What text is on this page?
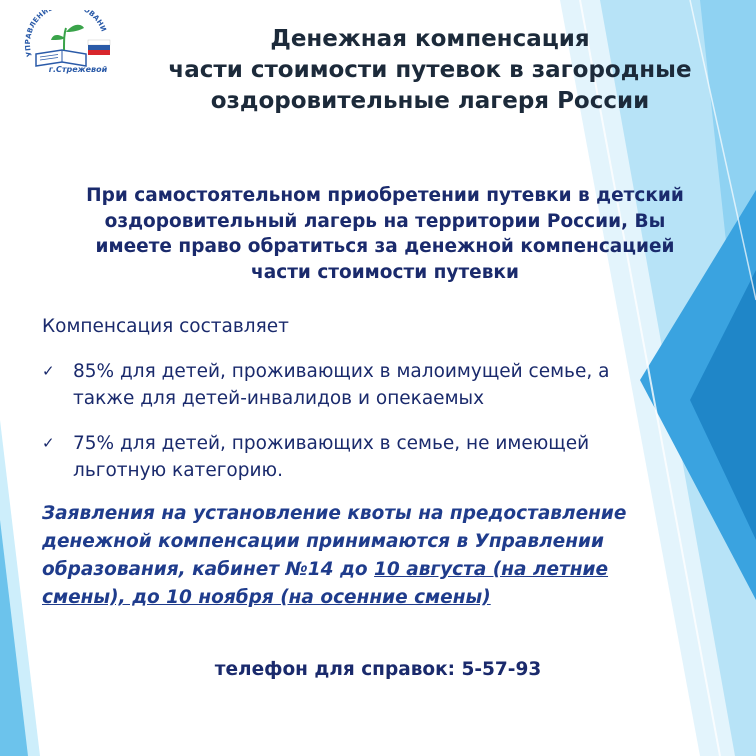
УПРАВЛЕНИ ОВАНИ
г.Стрежевой
Денежная компенсация
части стоимости путевок в загородные
оздоровительные лагеря России
При самостоятельном приобретении путевки в детский
оздоровительный лагерь на территории России, Вы
имеете право обратиться за денежной компенсацией
части стоимости путевки
Компенсация составляет
✓ 85% для детей, проживающих в малоимущей семье, а
также для детей-инвалидов и опекаемых
✓ 75% для детей, проживающих в семье, не имеющей
льготную категорию.
Заявления на установление квоты на предоставление
денежной компенсации принимаются в Управлении
образования, кабинет №14 до 10 августа (на летние
смены), до 10 ноября (на осенние смены)
телефон для справок: 5-57-93
